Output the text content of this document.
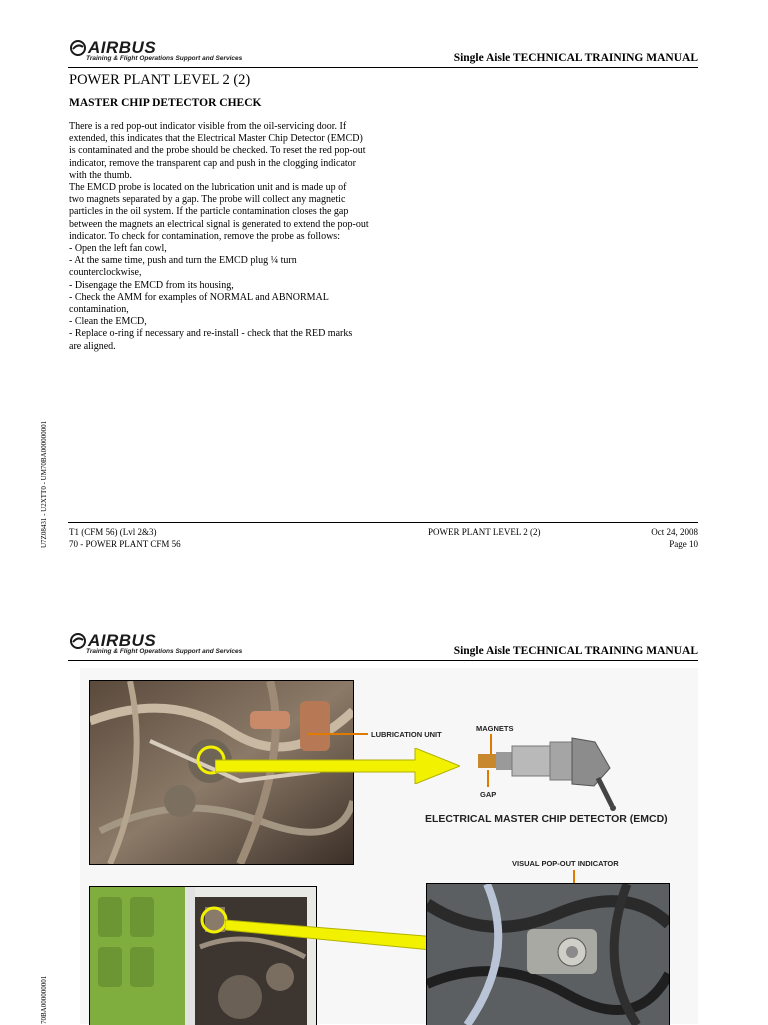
AIRBUS
Training & Flight Operations Support and Services	Single Aisle TECHNICAL TRAINING MANUAL
POWER PLANT LEVEL 2 (2)
MASTER CHIP DETECTOR CHECK

There is a red pop-out indicator visible from the oil-servicing door. If

extended, this indicates that the Electrical Master Chip Detector (EMCD)

is contaminated and the probe should be checked. To reset the red pop-out

indicator, remove the transparent cap and push in the clogging indicator

with the thumb.

The EMCD probe is located on the lubrication unit and is made up of

two magnets separated by a gap. The probe will collect any magnetic

particles in the oil system. If the particle contamination closes the gap

between the magnets an electrical signal is generated to extend the pop-out

indicator. To check for contamination, remove the probe as follows:

- Open the left fan cowl,

- At the same time, push and turn the EMCD plug ¼ turn

counterclockwise,

- Disengage the EMCD from its housing,

- Check the AMM for examples of NORMAL and ABNORMAL

contamination,

- Clean the EMCD,

- Replace o-ring if necessary and re-install - check that the RED marks

are aligned.

U7Z08431 - U2XTT0 - UM70BA000000001 T1 (CFM 56) (Lvl 2&3)
70 - POWER PLANT CFM 56
POWER PLANT LEVEL 2 (2)	Oct 24, 2008
Page 10
AIRBUS
Training & Flight Operations Support and Services	Single Aisle TECHNICAL TRAINING MANUAL
70BA000000001
LUBRICATION UNIT
MAGNETS
GAP
ELECTRICAL MASTER CHIP DETECTOR (EMCD)
VISUAL POP-OUT INDICATOR
